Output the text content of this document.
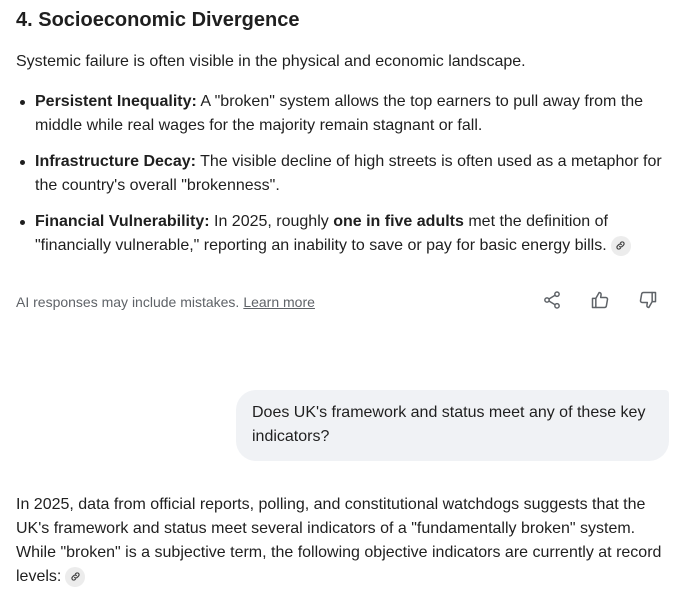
4. Socioeconomic Divergence

Systemic failure is often visible in the physical and economic landscape.

Persistent Inequality: A "broken" system allows the top earners to pull away from the middle while real wages for the majority remain stagnant or fall.
Infrastructure Decay: The visible decline of high streets is often used as a metaphor for the country's overall "brokenness".
Financial Vulnerability: In 2025, roughly one in five adults met the definition of "financially vulnerable," reporting an inability to save or pay for basic energy bills.
AI responses may include mistakes. Learn more
Does UK's framework and status meet any of these key indicators?

In 2025, data from official reports, polling, and constitutional watchdogs suggests that the UK's framework and status meet several indicators of a "fundamentally broken" system. While "broken" is a subjective term, the following objective indicators are currently at record levels:
